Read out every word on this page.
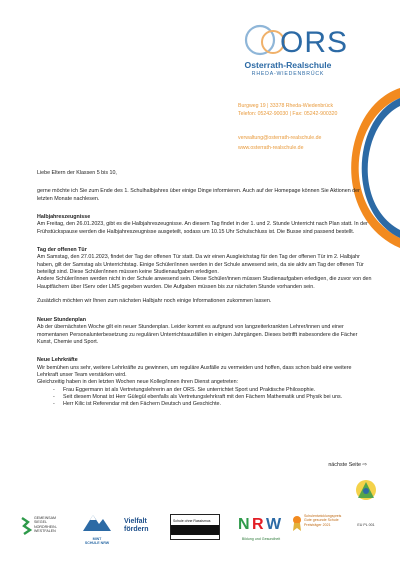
ORS
Osterrath-Realschule
RHEDA-WIEDENBRÜCK
Burgweg 19 | 33378 Rheda-Wiedenbrück
Telefon: 05242-90030 | Fax: 05242-900320
verwaltung@osterrath-realschule.de
www.osterrath-realschule.de

Liebe Eltern der Klassen 5 bis 10,

gerne möchte ich Sie zum Ende des 1. Schulhalbjahres über einige Dinge informieren. Auch auf der Homepage können Sie Aktionen der letzten Monate nachlesen.

Halbjahreszeugnisse

Am Freitag, den 26.01.2023, gibt es die Halbjahreszeugnisse. An diesem Tag findet in der 1. und 2. Stunde Unterricht nach Plan statt. In der Frühstückspause werden die Halbjahreszeugnisse ausgeteilt, sodass um 10.15 Uhr Schulschluss ist. Die Busse sind passend bestellt.

Tag der offenen Tür

Am Samstag, den 27.01.2023, findet der Tag der offenen Tür statt. Da wir einen Ausgleichstag für den Tag der offenen Tür im 2. Halbjahr haben, gilt der Samstag als Unterrichtstag. Einige Schüler/innen werden in der Schule anwesend sein, da sie aktiv am Tag der offenen Tür beteiligt sind. Diese Schüler/innen müssen keine Studienaufgaben erledigen.

Andere Schüler/innen werden nicht in der Schule anwesend sein. Diese Schüler/innen müssen Studienaufgaben erledigen, die zuvor von den Hauptfächern über IServ oder LMS gegeben wurden. Die Aufgaben müssen bis zur nächsten Stunde vorhanden sein.

Zusätzlich möchten wir Ihnen zum nächsten Halbjahr noch einige Informationen zukommen lassen.

Neuer Stundenplan

Ab der übernächsten Woche gilt ein neuer Stundenplan. Leider kommt es aufgrund von langzeiterkrankten Lehrer/innen und einer momentanen Personalunterbesetzung zu regulären Unterrichtsausfällen in einigen Jahrgängen. Dieses betrifft insbesondere die Fächer Kunst, Chemie und Sport.

Neue Lehrkräfte

Wir bemühen uns sehr, weitere Lehrkräfte zu gewinnen, um reguläre Ausfälle zu vermeiden und hoffen, dass schon bald eine weitere Lehrkraft unser Team verstärken wird.

Gleichzeitig haben in den letzten Wochen neue Kolleg/innen ihren Dienst angetreten:

- Frau Eggermann ist als Vertretungslehrerin an der ORS. Sie unterrichtet Sport und Praktische Philosophie.
- Seit diesem Monat ist Herr Gülegül ebenfalls als Vertretungslehrkraft mit den Fächern Mathematik und Physik bei uns.
- Herr Kilic ist Referendar mit den Fächern Deutsch und Geschichte.
nächste Seite ⇨
GEMEINSAM
SIEGEL
NORDRHEIN-
WESTFALEN
MINT
SCHULE NRW
Vielfalt
fördern
Schule ohne Rassismus
Schule mit Courage	N R W
Bildung und Gesundheit
Schulentwicklungspreis
Gute gesunde Schule
Preisträger 2021	EU PL 001
